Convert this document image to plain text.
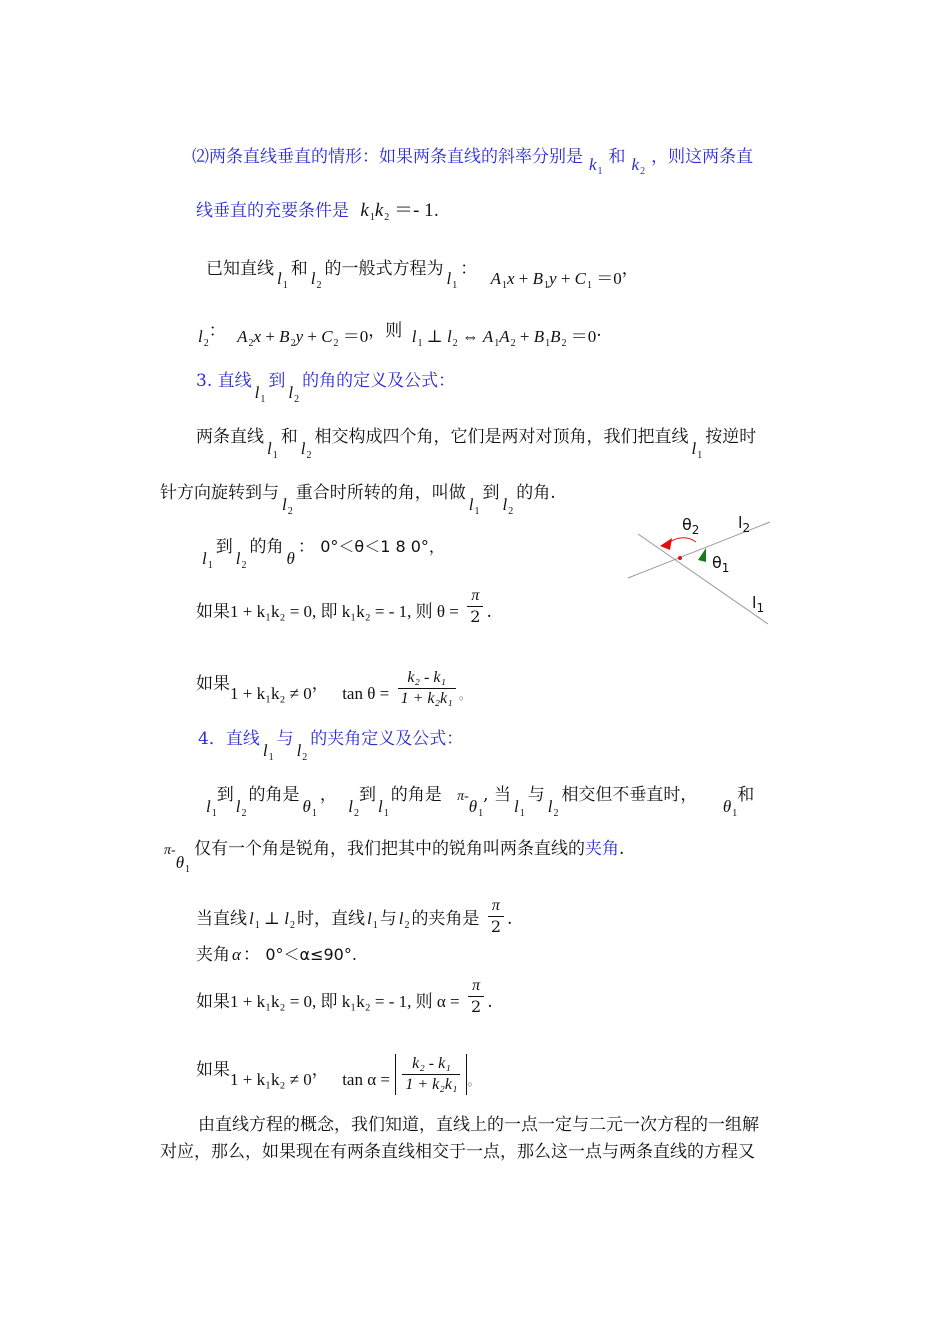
⑵两条直线垂直的情形：如果两条直线的斜率分别是 $k_1$和 $k_2$，则这两条直
线垂直的充要条件是 $k_1k_2 =- 1$.
已知直线 $l_1$和 $l_2$的一般式方程为 $l_1$： $A_1x + B_1y + C_1 =0$，
$l_2$： $A_2x + B_2y + C_2 =0$，则 $l_1$ ⊥ $l_2$ ⇔ $A_1A_2 + B_1B_2 =0$.
3. 直线$l_1$到$l_2$的角的定义及公式：
两条直线$l_1$和$l_2$相交构成四个角，它们是两对对顶角，我们把直线$l_1$按逆时
针方向旋转到与$l_2$重合时所转的角，叫做$l_1$到$l_2$的角.
$l_1$到$l_2$的角θ： 0°＜θ＜1 8 0°，
如果1 + k₁k₂ = 0, 即 k₁k₂ = - 1, 则 $\theta = \frac{\pi}{2}$ .
如果1 + k₁k₂ ≠ 0， $\tan \theta = \frac{\text{k₂ - k₁}}{\text{1 + k₂k₁}} _。$
$\theta_2$ $l_2$
$\theta_1$
$l_1$
4．直线$l_1$与$l_2$的夹角定义及公式：
$l_1$到$l_2$的角是$\theta_1$， $l_2$到$l_1$的角是 $\pi-\theta_1$, 当$l_1$与$l_2$相交但不垂直时， $\theta_1$和
$\pi-\theta_1$仅有一个角是锐角，我们把其中的锐角叫两条直线的夹角.
当直线 $l_1$ ⊥ $l_2$ 时，直线 $l_1$ 与 $l_2$ 的夹角是 $\frac{\pi}{2}$ .
夹角 α ： 0°＜α≤90°.
如果1 + k₁k₂ = 0, 即 k₁k₂ = - 1, 则 $\alpha = \frac{\pi}{2}$ .
如果1 + k₁k₂ ≠ 0， $\tan \alpha = \frac{\text{k₂ - k₁}}{\text{1 + k₂k₁}} _。$
由直线方程的概念，我们知道，直线上的一点一定与二元一次方程的一组解
对应，那么，如果现在有两条直线相交于一点，那么这一点与两条直线的方程又
